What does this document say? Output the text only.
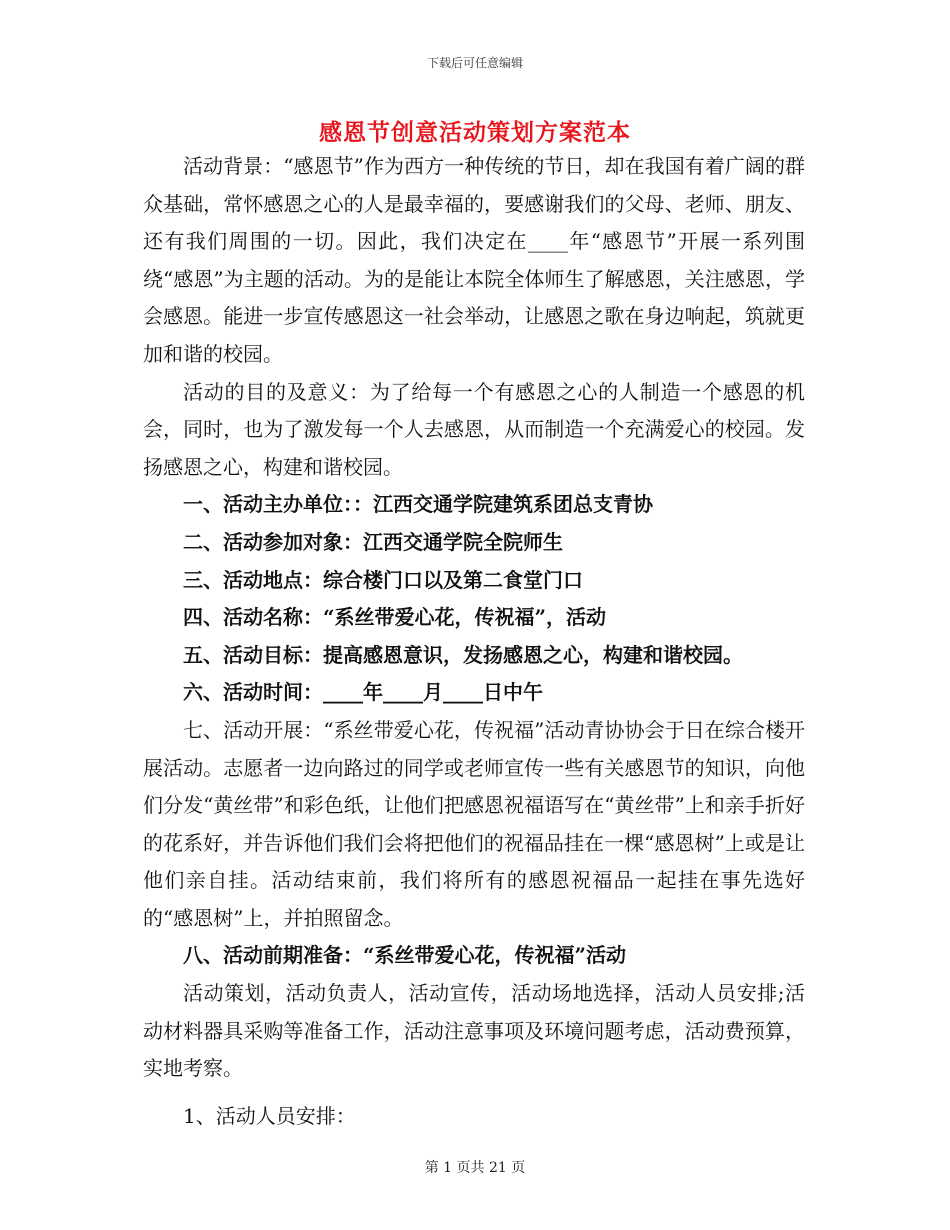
下载后可任意编辑
感恩节创意活动策划方案范本

活动背景：“感恩节”作为西方一种传统的节日，却在我国有着广阔的群众基础，常怀感恩之心的人是最幸福的，要感谢我们的父母、老师、朋友、还有我们周围的一切。因此，我们决定在____年“感恩节”开展一系列围绕“感恩”为主题的活动。为的是能让本院全体师生了解感恩，关注感恩，学会感恩。能进一步宣传感恩这一社会举动，让感恩之歌在身边响起，筑就更加和谐的校园。

活动的目的及意义：为了给每一个有感恩之心的人制造一个感恩的机会，同时，也为了激发每一个人去感恩，从而制造一个充满爱心的校园。发扬感恩之心，构建和谐校园。

一、活动主办单位：：江西交通学院建筑系团总支青协

二、活动参加对象：江西交通学院全院师生

三、活动地点：综合楼门口以及第二食堂门口

四、活动名称：“系丝带爱心花，传祝福”，活动

五、活动目标：提高感恩意识，发扬感恩之心，构建和谐校园。

六、活动时间：____年____月____日中午

七、活动开展：“系丝带爱心花，传祝福”活动青协协会于日在综合楼开展活动。志愿者一边向路过的同学或老师宣传一些有关感恩节的知识，向他们分发“黄丝带”和彩色纸，让他们把感恩祝福语写在“黄丝带”上和亲手折好的花系好，并告诉他们我们会将把他们的祝福品挂在一棵“感恩树”上或是让他们亲自挂。活动结束前，我们将所有的感恩祝福品一起挂在事先选好的“感恩树”上，并拍照留念。

八、活动前期准备：“系丝带爱心花，传祝福”活动

活动策划，活动负责人，活动宣传，活动场地选择，活动人员安排;活动材料器具采购等准备工作，活动注意事项及环境问题考虑，活动费预算，实地考察。

1、活动人员安排：

第 1 页共 21 页
